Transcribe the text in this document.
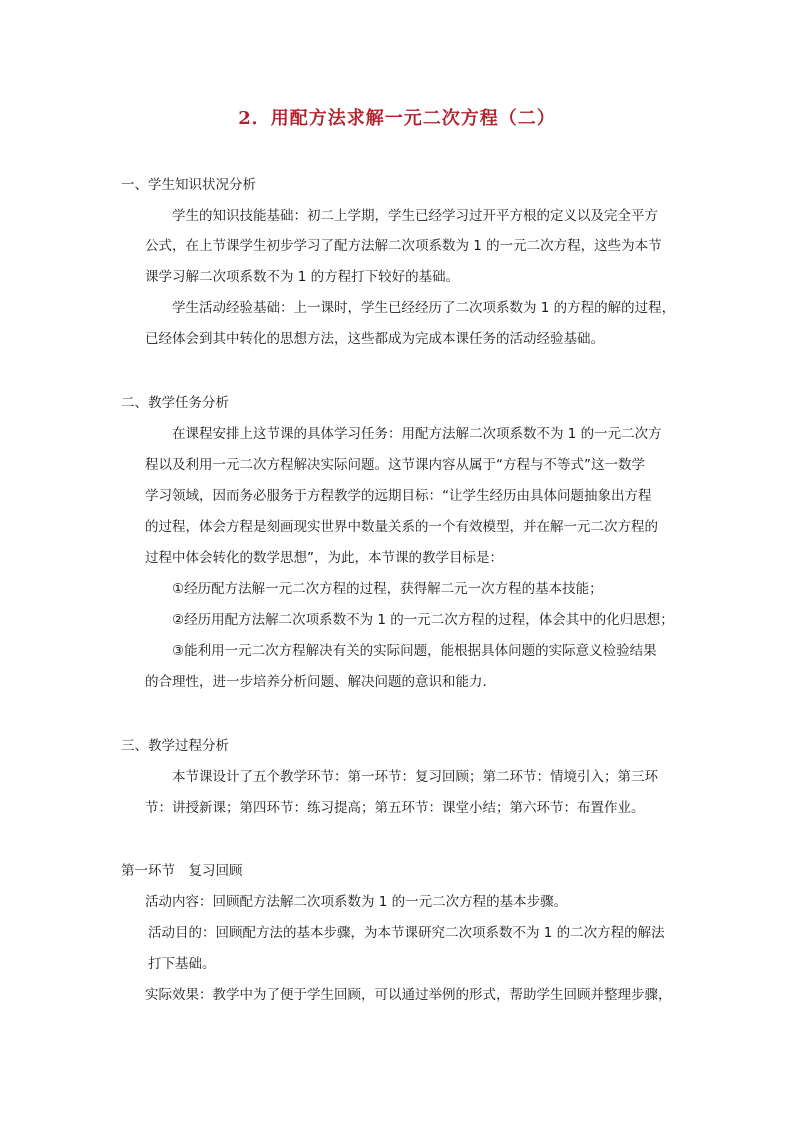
2．用配方法求解一元二次方程（二）
一、学生知识状况分析
学生的知识技能基础：初二上学期，学生已经学习过开平方根的定义以及完全平方
公式，在上节课学生初步学习了配方法解二次项系数为 1 的一元二次方程，这些为本节
课学习解二次项系数不为 1 的方程打下较好的基础。
学生活动经验基础：上一课时，学生已经经历了二次项系数为 1 的方程的解的过程，
已经体会到其中转化的思想方法，这些都成为完成本课任务的活动经验基础。
二、教学任务分析
在课程安排上这节课的具体学习任务：用配方法解二次项系数不为 1 的一元二次方
程以及利用一元二次方程解决实际问题。这节课内容从属于“方程与不等式”这一数学
学习领域，因而务必服务于方程教学的远期目标：“让学生经历由具体问题抽象出方程
的过程，体会方程是刻画现实世界中数量关系的一个有效模型，并在解一元二次方程的
过程中体会转化的数学思想”，为此，本节课的教学目标是：
①经历配方法解一元二次方程的过程，获得解二元一次方程的基本技能；
②经历用配方法解二次项系数不为 1 的一元二次方程的过程，体会其中的化归思想；
③能利用一元二次方程解决有关的实际问题，能根据具体问题的实际意义检验结果
的合理性，进一步培养分析问题、解决问题的意识和能力.
三、教学过程分析
本节课设计了五个教学环节：第一环节：复习回顾；第二环节：情境引入；第三环
节：讲授新课；第四环节：练习提高；第五环节：课堂小结；第六环节：布置作业。
第一环节　复习回顾
活动内容：回顾配方法解二次项系数为 1 的一元二次方程的基本步骤。
活动目的：回顾配方法的基本步骤，为本节课研究二次项系数不为 1 的二次方程的解法
打下基础。
实际效果：教学中为了便于学生回顾，可以通过举例的形式，帮助学生回顾并整理步骤，
